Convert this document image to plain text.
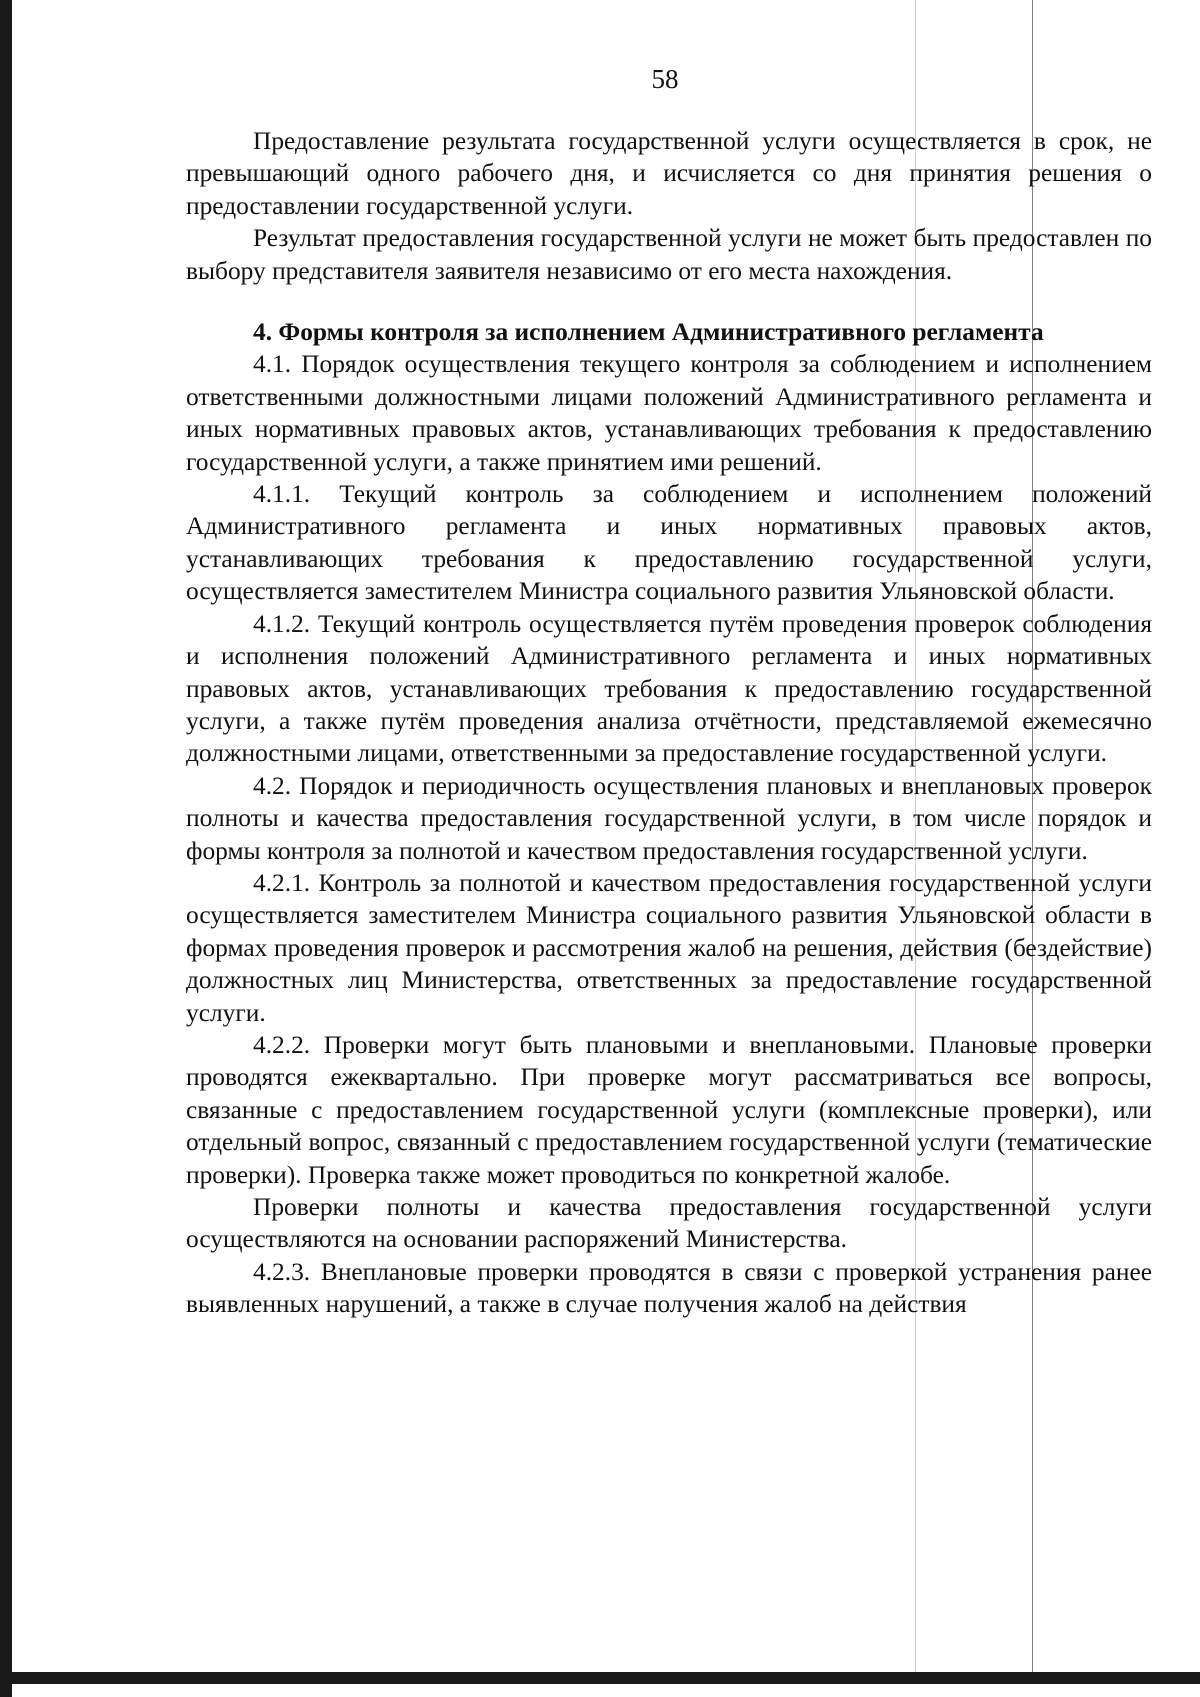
58

Предоставление результата государственной услуги осуществляется в срок, не превышающий одного рабочего дня, и исчисляется со дня принятия решения о предоставлении государственной услуги.

Результат предоставления государственной услуги не может быть предоставлен по выбору представителя заявителя независимо от его места нахождения.

4. Формы контроля за исполнением Административного регламента

4.1. Порядок осуществления текущего контроля за соблюдением и исполнением ответственными должностными лицами положений Административного регламента и иных нормативных правовых актов, устанавливающих требования к предоставлению государственной услуги, а также принятием ими решений.

4.1.1. Текущий контроль за соблюдением и исполнением положений Административного регламента и иных нормативных правовых актов, устанавливающих требования к предоставлению государственной услуги, осуществляется заместителем Министра социального развития Ульяновской области.

4.1.2. Текущий контроль осуществляется путём проведения проверок соблюдения и исполнения положений Административного регламента и иных нормативных правовых актов, устанавливающих требования к предоставлению государственной услуги, а также путём проведения анализа отчётности, представляемой ежемесячно должностными лицами, ответственными за предоставление государственной услуги.

4.2. Порядок и периодичность осуществления плановых и внеплановых проверок полноты и качества предоставления государственной услуги, в том числе порядок и формы контроля за полнотой и качеством предоставления государственной услуги.

4.2.1. Контроль за полнотой и качеством предоставления государственной услуги осуществляется заместителем Министра социального развития Ульяновской области в формах проведения проверок и рассмотрения жалоб на решения, действия (бездействие) должностных лиц Министерства, ответственных за предоставление государственной услуги.

4.2.2. Проверки могут быть плановыми и внеплановыми. Плановые проверки проводятся ежеквартально. При проверке могут рассматриваться все вопросы, связанные с предоставлением государственной услуги (комплексные проверки), или отдельный вопрос, связанный с предоставлением государственной услуги (тематические проверки). Проверка также может проводиться по конкретной жалобе.

Проверки полноты и качества предоставления государственной услуги осуществляются на основании распоряжений Министерства.

4.2.3. Внеплановые проверки проводятся в связи с проверкой устранения ранее выявленных нарушений, а также в случае получения жалоб на действия
